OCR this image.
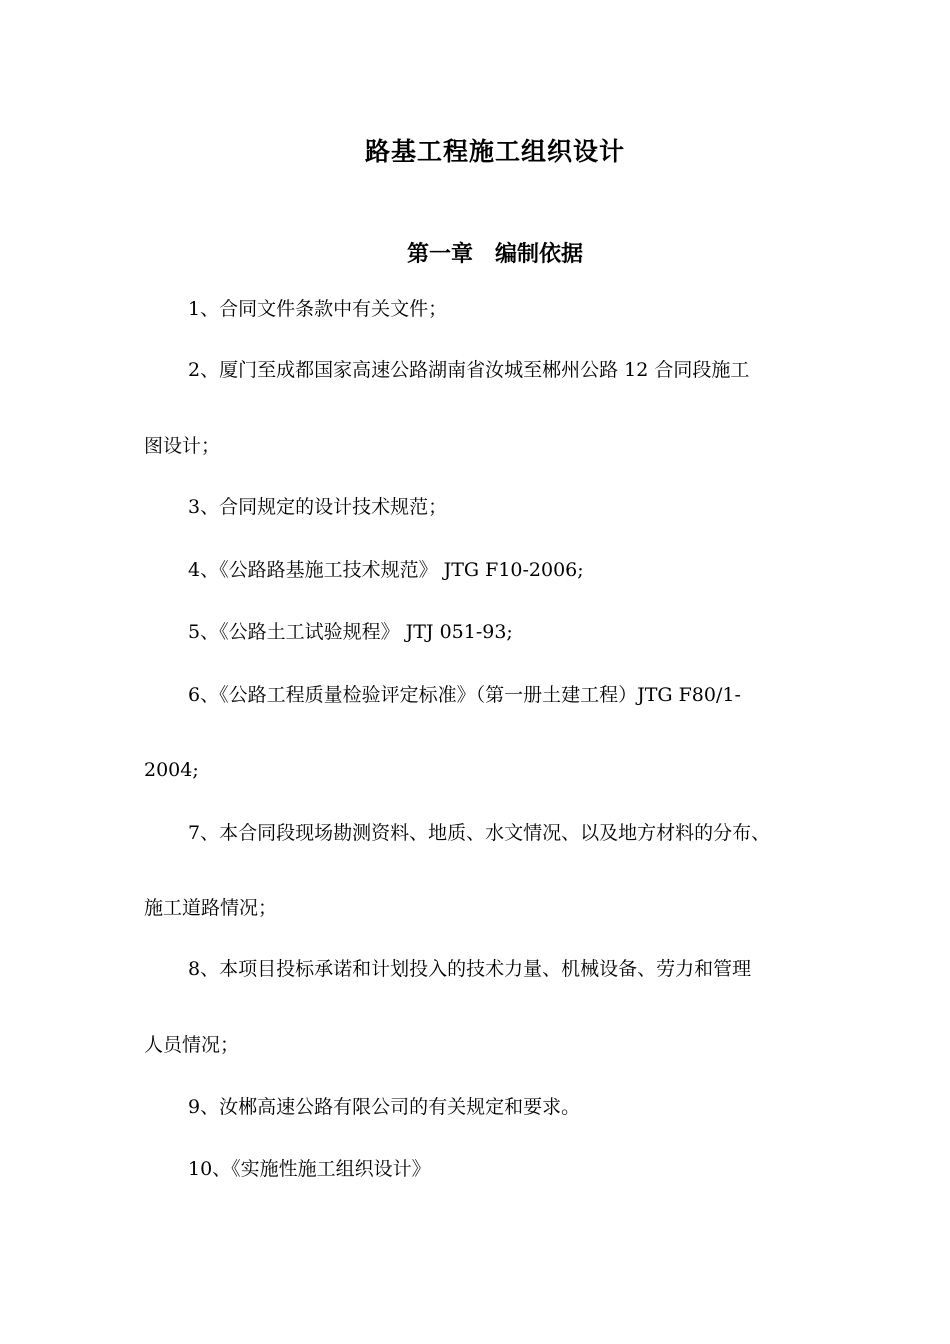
路基工程施工组织设计
第一章　编制依据

1、合同文件条款中有关文件；

2、厦门至成都国家高速公路湖南省汝城至郴州公路 12 合同段施工

图设计；

3、合同规定的设计技术规范；

4、《公路路基施工技术规范》 JTG F10-2006;

5、《公路土工试验规程》 JTJ 051-93;

6、《公路工程质量检验评定标准》（第一册土建工程）JTG F80/1-

2004;

7、本合同段现场勘测资料、地质、水文情况、以及地方材料的分布、

施工道路情况；

8、本项目投标承诺和计划投入的技术力量、机械设备、劳力和管理

人员情况；

9、汝郴高速公路有限公司的有关规定和要求。

10、《实施性施工组织设计》
